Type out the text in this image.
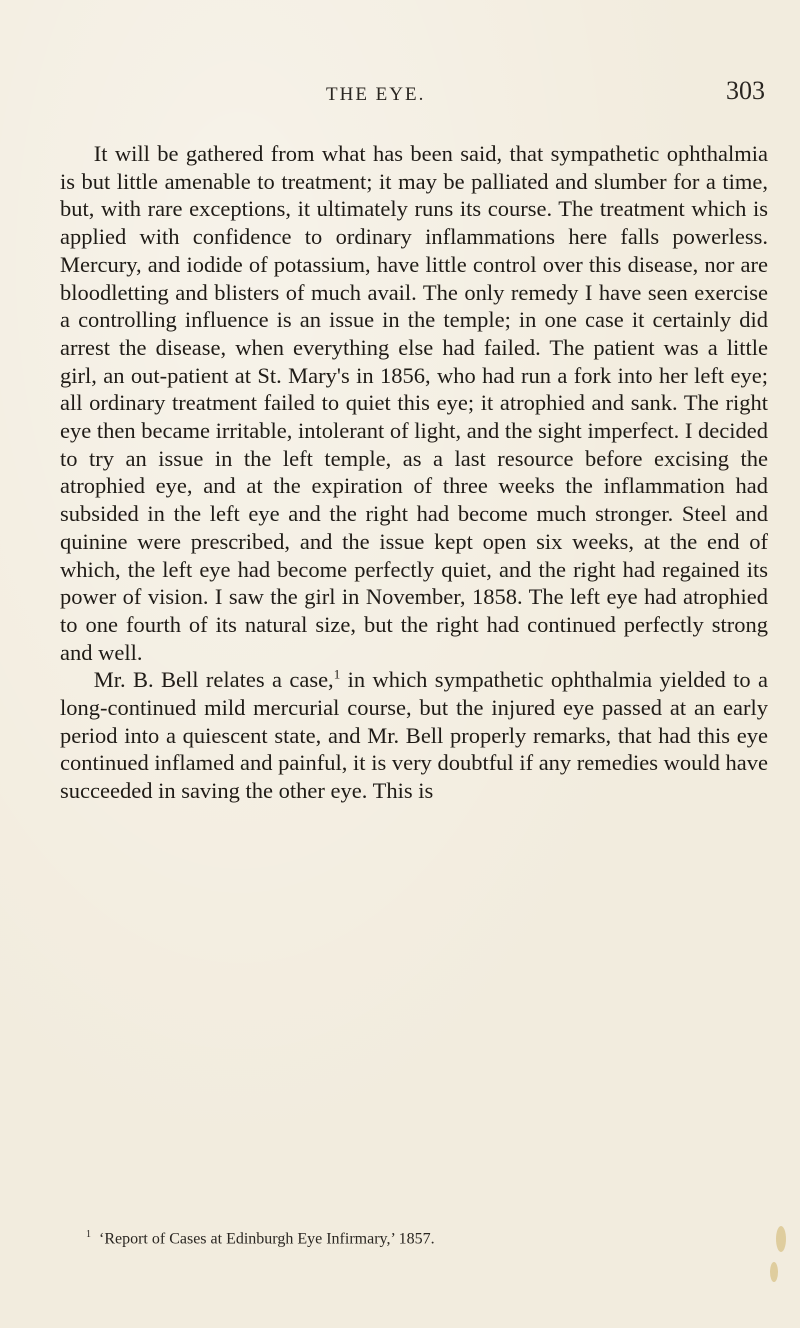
THE EYE.	303

It will be gathered from what has been said, that sympathetic ophthalmia is but little amenable to treatment; it may be palliated and slumber for a time, but, with rare exceptions, it ultimately runs its course. The treatment which is applied with confidence to ordinary inflammations here falls powerless. Mercury, and iodide of potassium, have little control over this disease, nor are bloodletting and blisters of much avail. The only remedy I have seen exercise a controlling influence is an issue in the temple; in one case it certainly did arrest the disease, when everything else had failed. The patient was a little girl, an out-patient at St. Mary's in 1856, who had run a fork into her left eye; all ordinary treatment failed to quiet this eye; it atrophied and sank. The right eye then became irritable, intolerant of light, and the sight imperfect. I decided to try an issue in the left temple, as a last resource before excising the atrophied eye, and at the expiration of three weeks the inflammation had subsided in the left eye and the right had become much stronger. Steel and quinine were prescribed, and the issue kept open six weeks, at the end of which, the left eye had become perfectly quiet, and the right had regained its power of vision. I saw the girl in November, 1858. The left eye had atrophied to one fourth of its natural size, but the right had continued perfectly strong and well.

Mr. B. Bell relates a case,$^1$ in which sympathetic ophthalmia yielded to a long-continued mild mercurial course, but the injured eye passed at an early period into a quiescent state, and Mr. Bell properly remarks, that had this eye continued inflamed and painful, it is very doubtful if any remedies would have succeeded in saving the other eye. This is

$^1$ ‘Report of Cases at Edinburgh Eye Infirmary,’ 1857.
